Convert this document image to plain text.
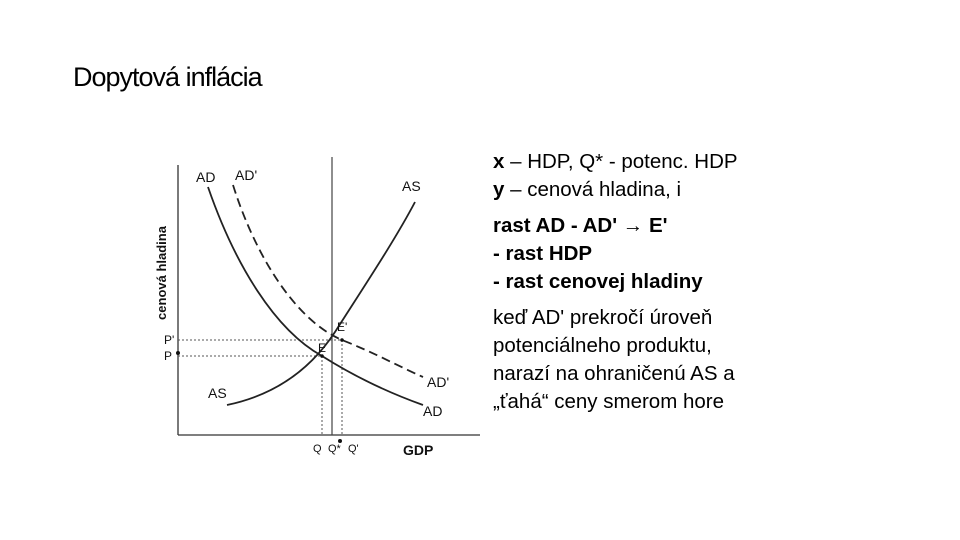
Dopytová inflácia
cenová hladina
GDP
AD AD'
AS
AS
AD'
AD
E
E'
P'
P
Q Q* Q'

x – HDP, Q* - potenc. HDP

y – cenová hladina, i

rast AD - AD' → E'

- rast HDP

- rast cenovej hladiny

keď AD' prekročí úroveň

potenciálneho produktu,

narazí na ohraničenú AS a

„ťahá“ ceny smerom hore
